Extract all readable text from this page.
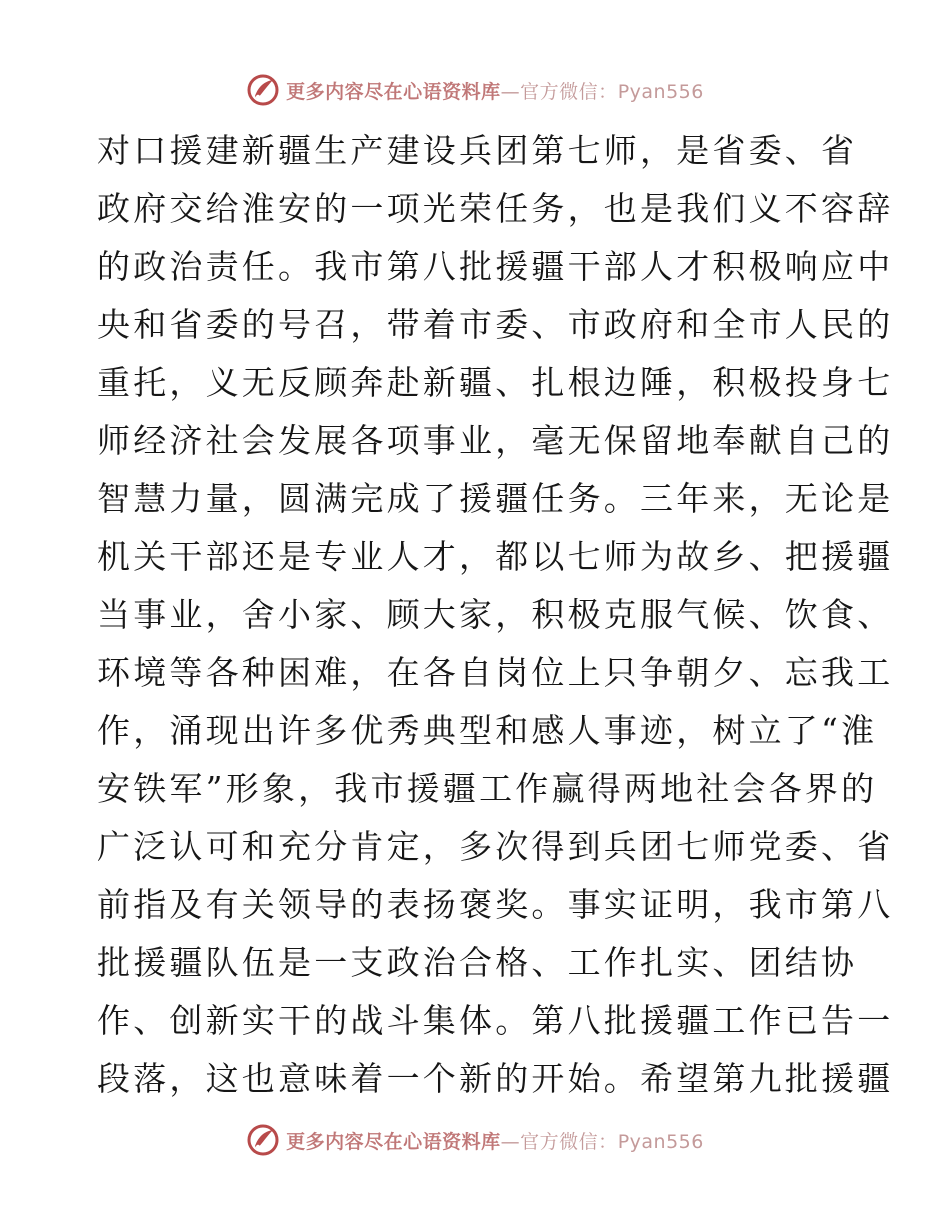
更多内容尽在心语资料库—官方微信：Pyan556
对口援建新疆生产建设兵团第七师，是省委、省
政府交给淮安的一项光荣任务，也是我们义不容辞
的政治责任。我市第八批援疆干部人才积极响应中
央和省委的号召，带着市委、市政府和全市人民的
重托，义无反顾奔赴新疆、扎根边陲，积极投身七
师经济社会发展各项事业，毫无保留地奉献自己的
智慧力量，圆满完成了援疆任务。三年来，无论是
机关干部还是专业人才，都以七师为故乡、把援疆
当事业，舍小家、顾大家，积极克服气候、饮食、
环境等各种困难，在各自岗位上只争朝夕、忘我工
作，涌现出许多优秀典型和感人事迹，树立了“淮
安铁军”形象，我市援疆工作赢得两地社会各界的
广泛认可和充分肯定，多次得到兵团七师党委、省
前指及有关领导的表扬褒奖。事实证明，我市第八
批援疆队伍是一支政治合格、工作扎实、团结协
作、创新实干的战斗集体。第八批援疆工作已告一
段落，这也意味着一个新的开始。希望第九批援疆
更多内容尽在心语资料库—官方微信：Pyan556
